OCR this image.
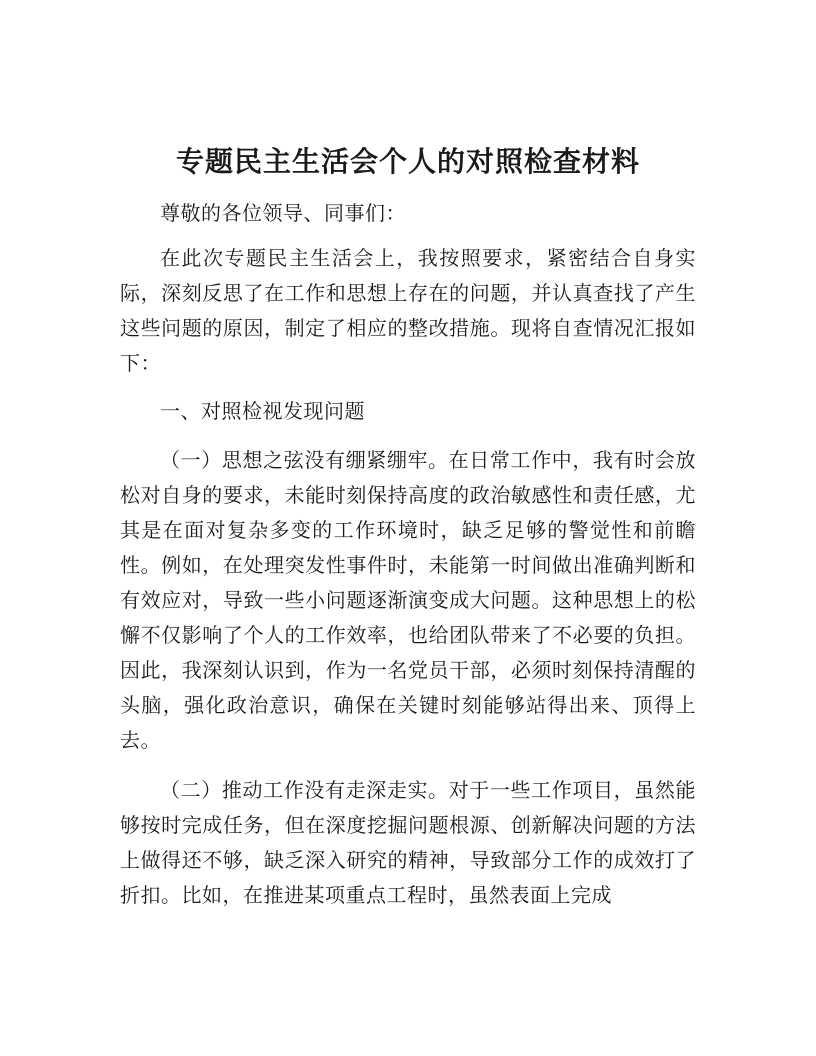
专题民主生活会个人的对照检查材料

尊敬的各位领导、同事们：

在此次专题民主生活会上，我按照要求，紧密结合自身实际，深刻反思了在工作和思想上存在的问题，并认真查找了产生这些问题的原因，制定了相应的整改措施。现将自查情况汇报如下：

一、对照检视发现问题

（一）思想之弦没有绷紧绷牢。在日常工作中，我有时会放松对自身的要求，未能时刻保持高度的政治敏感性和责任感，尤其是在面对复杂多变的工作环境时，缺乏足够的警觉性和前瞻性。例如，在处理突发性事件时，未能第一时间做出准确判断和有效应对，导致一些小问题逐渐演变成大问题。这种思想上的松懈不仅影响了个人的工作效率，也给团队带来了不必要的负担。因此，我深刻认识到，作为一名党员干部，必须时刻保持清醒的头脑，强化政治意识，确保在关键时刻能够站得出来、顶得上去。

（二）推动工作没有走深走实。对于一些工作项目，虽然能够按时完成任务，但在深度挖掘问题根源、创新解决问题的方法上做得还不够，缺乏深入研究的精神，导致部分工作的成效打了折扣。比如，在推进某项重点工程时，虽然表面上完成
